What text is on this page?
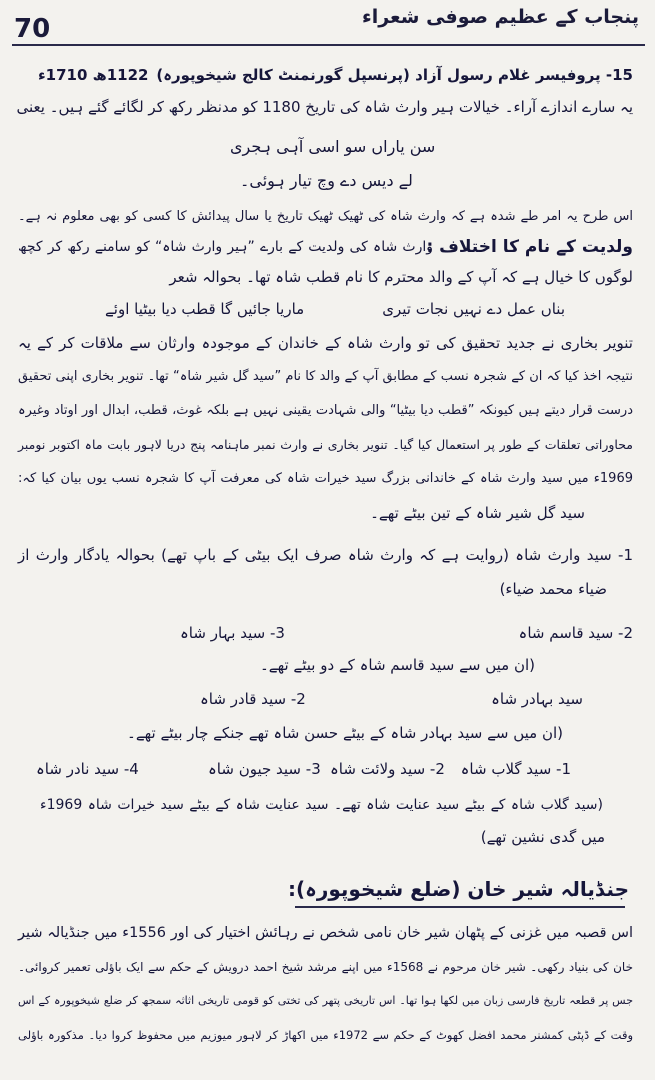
70	پنجاب کے عظیم صوفی شعراء
15- پروفیسر غلام رسول آزاد (پرنسپل گورنمنٹ کالج شیخوپورہ)
1122ھ 1710ء
یہ سارے اندازے آراء۔ خیالات ہیر وارث شاہ کی تاریخ 1180 کو مدنظر رکھ کر لگائے گئے ہیں۔ یعنی
سن یاراں سو اسی آہی ہجری
لے دیس دے وچ تیار ہوئی۔
اس طرح یہ امر طے شدہ ہے کہ وارث شاہ کی ٹھیک ٹھیک تاریخ یا سال پیدائش کا کسی کو بھی معلوم نہ ہے۔
ولدیت کے نام کا اختلاف :
وارث شاہ کی ولدیت کے بارے ”ہیر وارث شاہ“ کو سامنے رکھ کر کچھ
لوگوں کا خیال ہے کہ آپ کے والد محترم کا نام قطب شاہ تھا۔ بحوالہ شعر
بناں عمل دے نہیں نجات تیری
ماریا جائیں گا قطب دیا بیٹیا اوئے
تنویر بخاری نے جدید تحقیق کی تو وارث شاہ کے خاندان کے موجودہ وارثان سے ملاقات کر کے یہ
نتیجہ اخذ کیا کہ ان کے شجرہ نسب کے مطابق آپ کے والد کا نام ”سید گل شیر شاہ“ تھا۔ تنویر بخاری اپنی تحقیق
درست قرار دیتے ہیں کیونکہ ”قطب دیا بیٹیا“ والی شہادت یقینی نہیں ہے بلکہ غوث، قطب، ابدال اور اوتاد وغیرہ
محاوراتی تعلقات کے طور پر استعمال کیا گیا۔ تنویر بخاری نے وارث نمبر ماہنامہ پنج دریا لاہور بابت ماہ اکتوبر نومبر
1969ء میں سید وارث شاہ کے خاندانی بزرگ سید خیرات شاہ کی معرفت آپ کا شجرہ نسب یوں بیان کیا کہ:
سید گل شیر شاہ کے تین بیٹے تھے۔
1- سید وارث شاہ (روایت ہے کہ وارث شاہ صرف ایک بیٹی کے باپ تھے) بحوالہ یادگار وارث از
ضیاء محمد ضیاء)
2- سید قاسم شاہ
3- سید بہار شاہ
(ان میں سے سید قاسم شاہ کے دو بیٹے تھے۔
سید بہادر شاہ
2- سید قادر شاہ
(ان میں سے سید بہادر شاہ کے بیٹے حسن شاہ تھے جنکے چار بیٹے تھے۔
1- سید گلاب شاہ
2- سید ولائت شاہ
3- سید جیون شاہ
4- سید نادر شاہ
(سید گلاب شاہ کے بیٹے سید عنایت شاہ تھے۔ سید عنایت شاہ کے بیٹے سید خیرات شاہ 1969ء
میں گدی نشین تھے)
جنڈیالہ شیر خان (ضلع شیخوپورہ):
اس قصبہ میں غزنی کے پٹھان شیر خان نامی شخص نے رہائش اختیار کی اور 1556ء میں جنڈیالہ شیر
خان کی بنیاد رکھی۔ شیر خان مرحوم نے 1568ء میں اپنے مرشد شیخ احمد درویش کے حکم سے ایک باؤلی تعمیر کروائی۔
جس پر قطعہ تاریخ فارسی زبان میں لکھا ہوا تھا۔ اس تاریخی پتھر کی تختی کو قومی تاریخی اثاثہ سمجھ کر ضلع شیخوپورہ کے اس
وقت کے ڈپٹی کمشنر محمد افضل کھوٹ کے حکم سے 1972ء میں اکھاڑ کر لاہور میوزیم میں محفوظ کروا دیا۔ مذکورہ باؤلی
